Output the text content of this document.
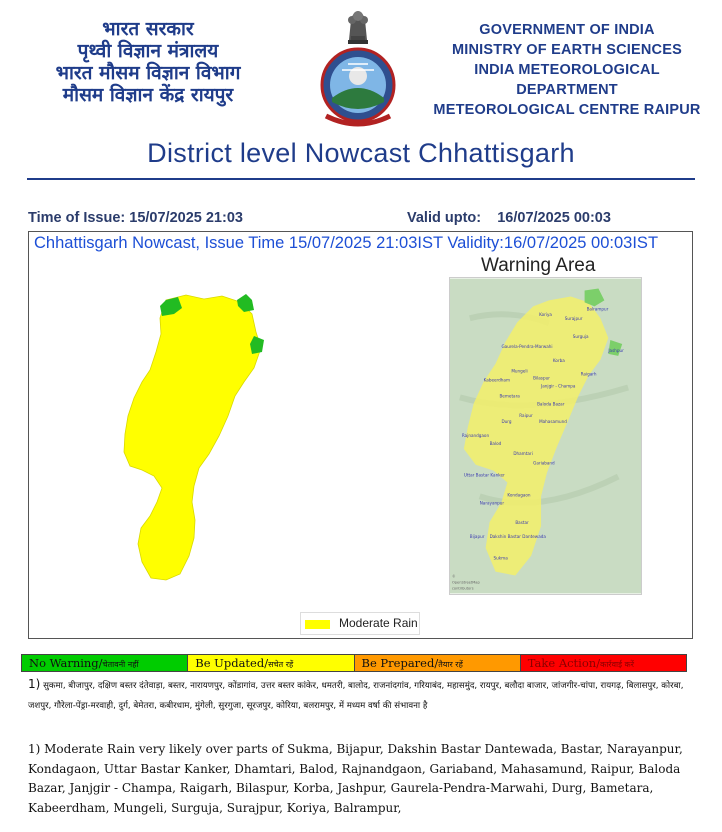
भारत सरकार
पृथ्वी विज्ञान मंत्रालय
भारत मौसम विज्ञान विभाग
मौसम विज्ञान केंद्र रायपुर
GOVERNMENT OF INDIA
MINISTRY OF EARTH SCIENCES
INDIA METEOROLOGICAL DEPARTMENT
METEOROLOGICAL CENTRE RAIPUR
District level Nowcast Chhattisgarh
Time of Issue: 15/07/2025 21:03	Valid upto: 16/07/2025 00:03
Chhattisgarh Nowcast, Issue Time 15/07/2025 21:03IST Validity:16/07/2025 00:03IST
Warning Area
Balrampur
Koriya
Surajpur
Surguja
Gaurela-Pendra-Marwahi
Jashpur
Korba
Mungeli
Kabeerdham	Bilaspur
Raigarh
Janjgir - Champa
Bemetara
Baloda Bazar
Raipur
Durg	Mahasamund
Rajnandgaon
Balod
Dhamtari
Gariaband
Uttar Bastar Kanker
Kondagaon
Narayanpur
Bastar
Bijapur Dakshin Bastar Dantewada
Sukma
©
OpenStreetMap
contributors
Moderate Rain
No Warning/चेतावनी नहीं	Be Updated/सचेत रहें	Be Prepared/तैयार रहें	Take Action/कार्रवाई करें
1) सुकमा, बीजापुर, दक्षिण बस्तर दंतेवाड़ा, बस्तर, नारायणपुर, कोंडागांव, उत्तर बस्तर कांकेर, धमतरी, बालोद, राजनांदगांव, गरियाबंद, महासमुंद, रायपुर, बलौदा बाजार, जांजगीर-चांपा, रायगढ़, बिलासपुर, कोरबा, जशपुर, गौरेला-पेंड्रा-मरवाही, दुर्ग, बेमेतरा, कबीरधाम, मुंगेली, सुरगुजा, सूरजपुर, कोरिया, बलरामपुर, में मध्यम वर्षा की संभावना है
1) Moderate Rain very likely over parts of Sukma, Bijapur, Dakshin Bastar Dantewada, Bastar, Narayanpur, Kondagaon, Uttar Bastar Kanker, Dhamtari, Balod, Rajnandgaon, Gariaband, Mahasamund, Raipur, Baloda Bazar, Janjgir - Champa, Raigarh, Bilaspur, Korba, Jashpur, Gaurela-Pendra-Marwahi, Durg, Bametara, Kabeerdham, Mungeli, Surguja, Surajpur, Koriya, Balrampur,
